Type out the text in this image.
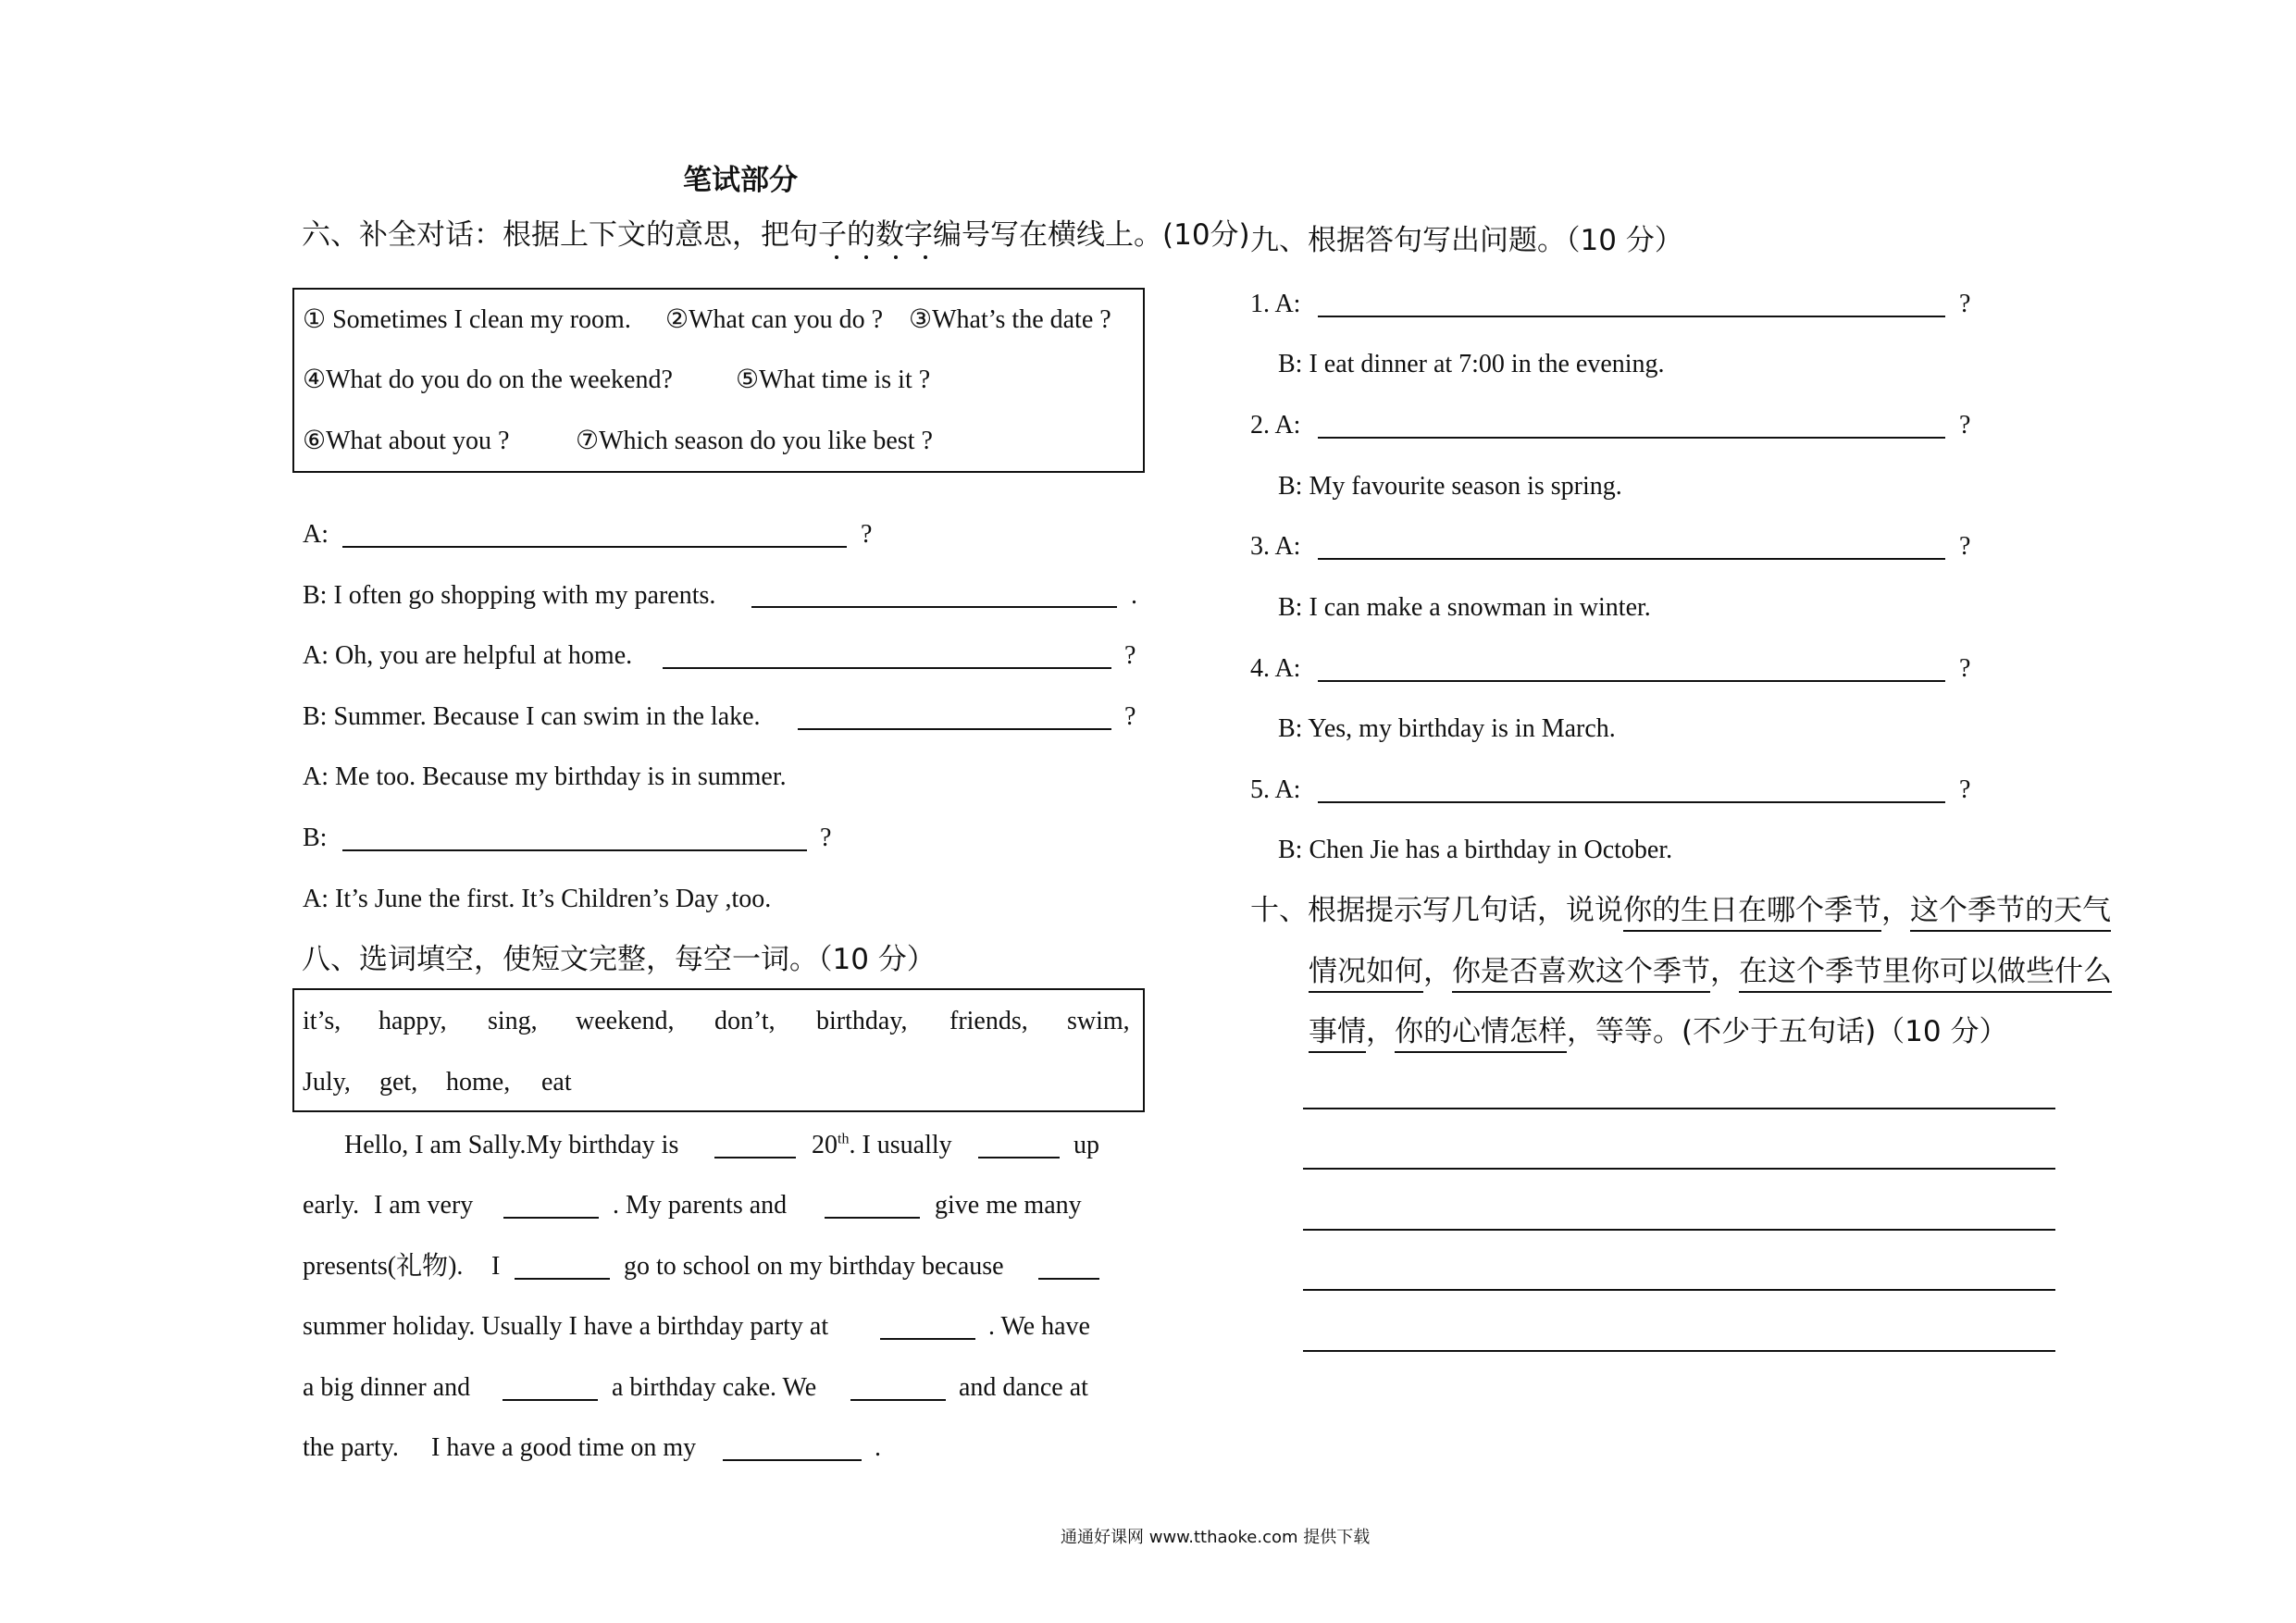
笔试部分
六、补全对话：根据上下文的意思，把句子的数字编号写在横线上。(10分)
① Sometimes I clean my room. ②What can you do ? ③What’s the date ?
④What do you do on the weekend? ⑤What time is it ?
⑥What about you ?	⑦Which season do you like best ?
A:	?
B: I often go shopping with my parents.	.
A: Oh, you are helpful at home.	?
B: Summer. Because I can swim in the lake.	?
A: Me too. Because my birthday is in summer.
B:	?
A: It’s June the first. It’s Children’s Day ,too.
八、选词填空，使短文完整，每空一词。（10 分）
it’s, happy, sing, weekend, don’t, birthday, friends, swim,
July, get, home, eat
Hello, I am Sally.My birthday is	20th. I usually	up
early. I am very	. My parents and	give me many
presents(礼物). I	go to school on my birthday because
summer holiday. Usually I have a birthday party at	. We have
a big dinner and	a birthday cake. We	and dance at
the party. I have a good time on my	.
九、根据答句写出问题。（10 分）
1. A:	?
B: I eat dinner at 7:00 in the evening.
2. A:	?
B: My favourite season is spring.
3. A:	?
B: I can make a snowman in winter.
4. A:	?
B: Yes, my birthday is in March.
5. A:	?
B: Chen Jie has a birthday in October.
十、根据提示写几句话，说说你的生日在哪个季节，这个季节的天气
情况如何，你是否喜欢这个季节，在这个季节里你可以做些什么
事情，你的心情怎样，等等。(不少于五句话)（10 分）
通通好课网 www.tthaoke.com 提供下载
